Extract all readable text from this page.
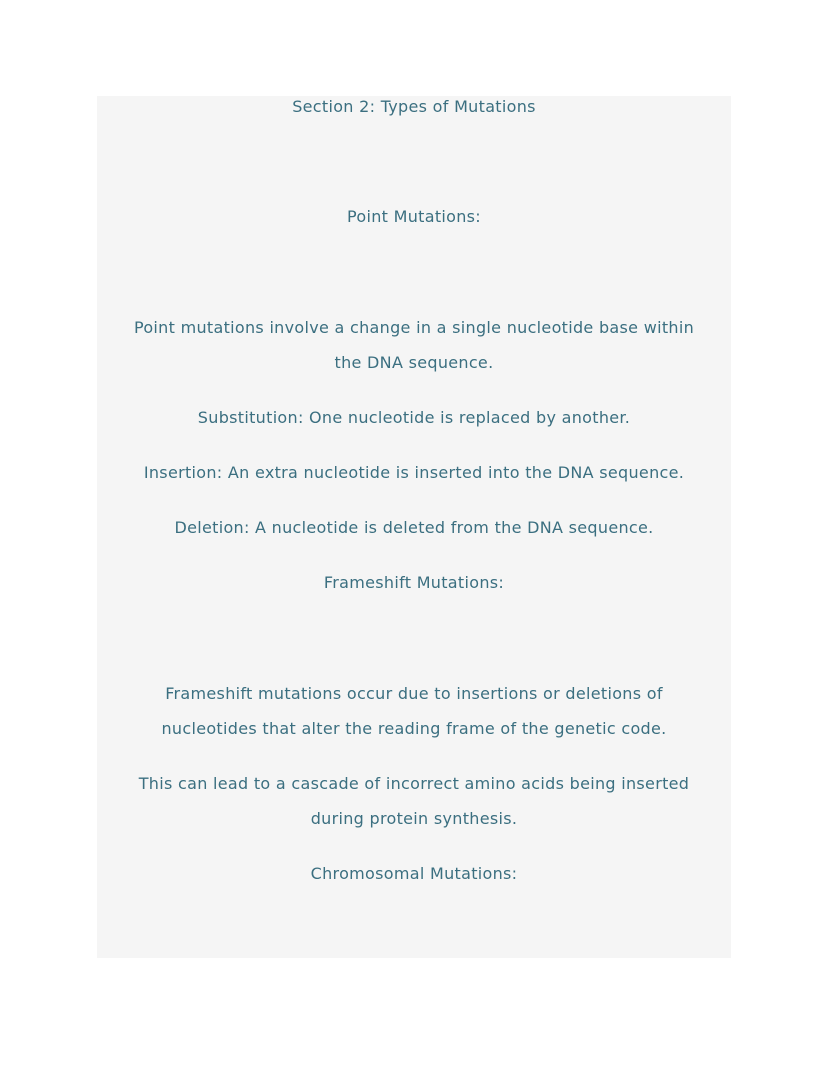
Section 2: Types of Mutations
Point Mutations:

Point mutations involve a change in a single nucleotide base within

the DNA sequence.

Substitution: One nucleotide is replaced by another.

Insertion: An extra nucleotide is inserted into the DNA sequence.

Deletion: A nucleotide is deleted from the DNA sequence.

Frameshift Mutations:

Frameshift mutations occur due to insertions or deletions of

nucleotides that alter the reading frame of the genetic code.

This can lead to a cascade of incorrect amino acids being inserted

during protein synthesis.

Chromosomal Mutations:
